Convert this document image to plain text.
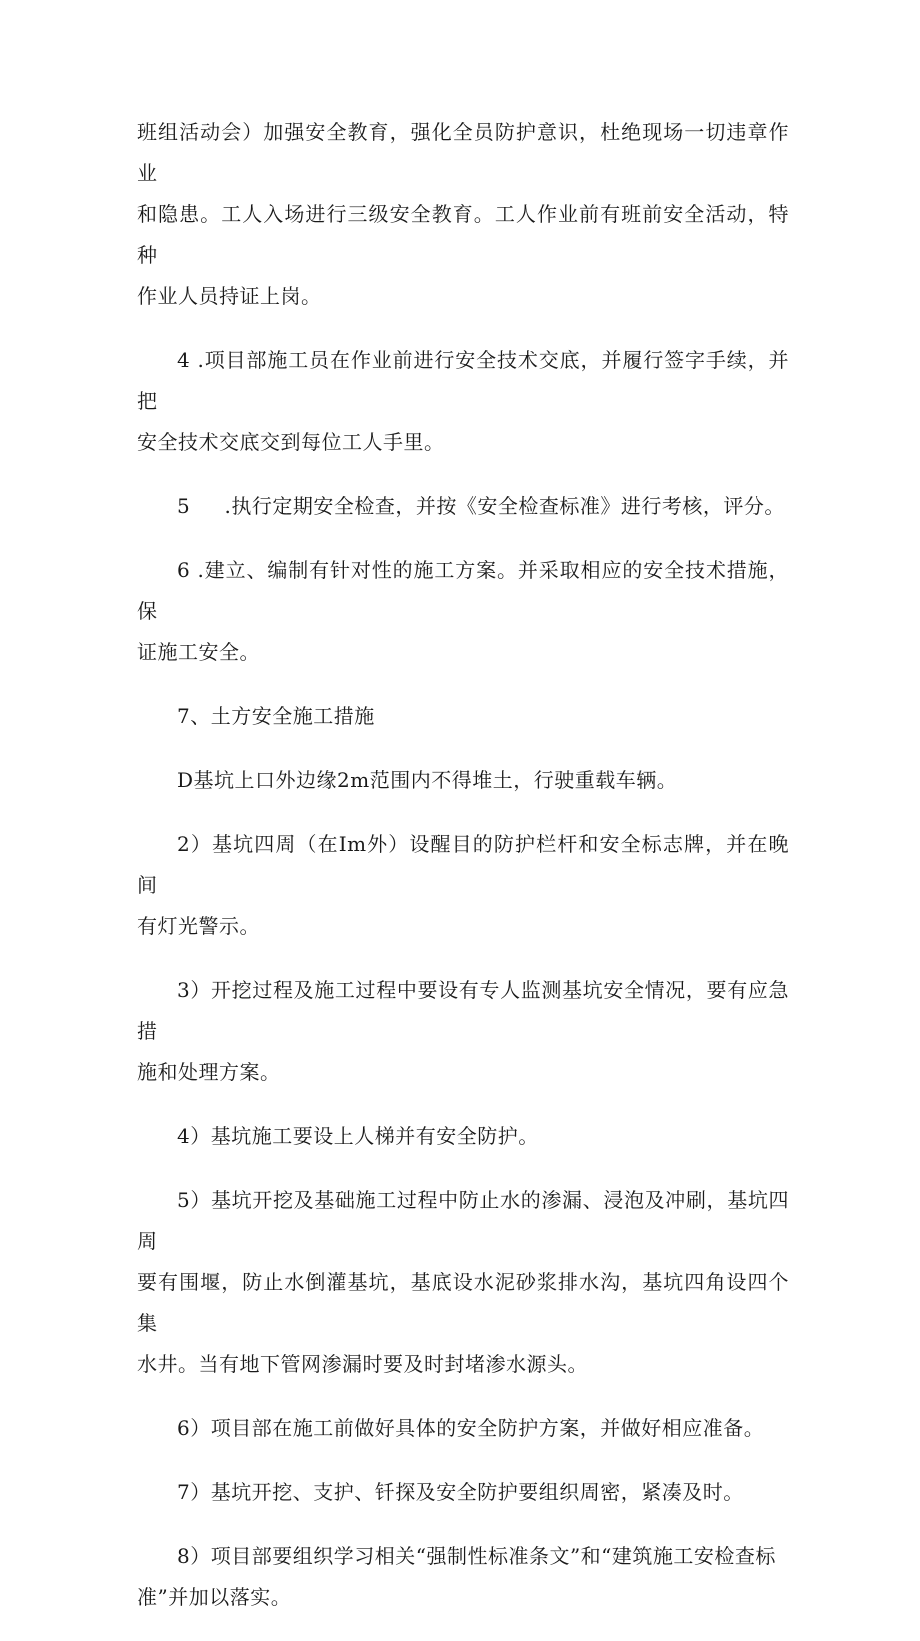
班组活动会）加强安全教育，强化全员防护意识，杜绝现场一切违章作业
和隐患。工人入场进行三级安全教育。工人作业前有班前安全活动，特种
作业人员持证上岗。

4 .项目部施工员在作业前进行安全技术交底，并履行签字手续，并把
安全技术交底交到每位工人手里。

5     .执行定期安全检查，并按《安全检查标准》进行考核，评分。

6 .建立、编制有针对性的施工方案。并采取相应的安全技术措施，保
证施工安全。

7、土方安全施工措施

D基坑上口外边缘2m范围内不得堆土，行驶重载车辆。

2）基坑四周（在Im外）设醒目的防护栏杆和安全标志牌，并在晚间
有灯光警示。

3）开挖过程及施工过程中要设有专人监测基坑安全情况，要有应急措
施和处理方案。

4）基坑施工要设上人梯并有安全防护。

5）基坑开挖及基础施工过程中防止水的渗漏、浸泡及冲刷，基坑四周
要有围堰，防止水倒灌基坑，基底设水泥砂浆排水沟，基坑四角设四个集
水井。当有地下管网渗漏时要及时封堵渗水源头。

6）项目部在施工前做好具体的安全防护方案，并做好相应准备。

7）基坑开挖、支护、钎探及安全防护要组织周密，紧凑及时。

8）项目部要组织学习相关“强制性标准条文”和“建筑施工安检查标
准”并加以落实。
